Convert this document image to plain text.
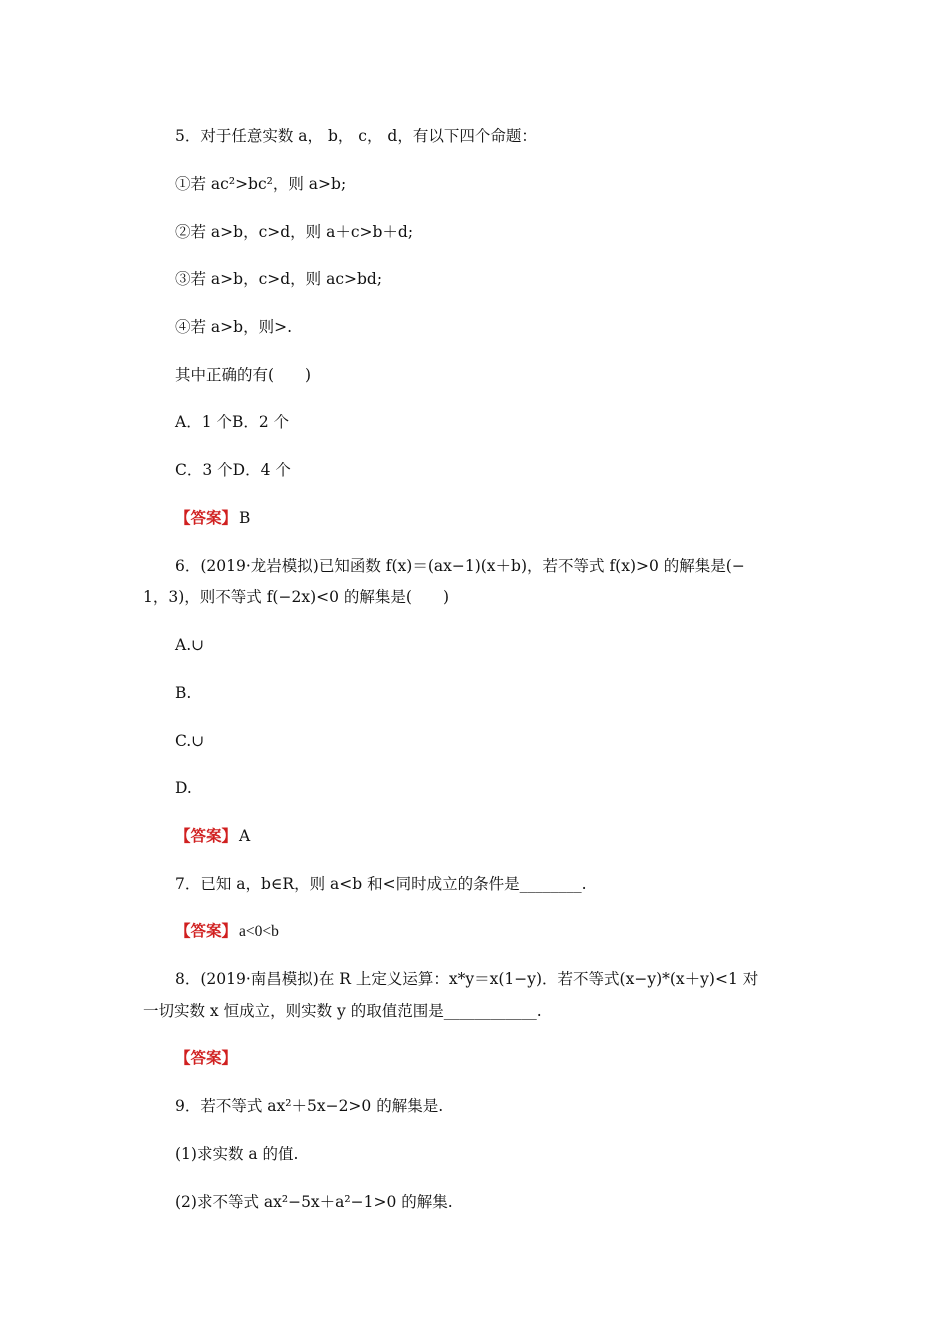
5．对于任意实数 a， b， c， d，有以下四个命题：
①若 ac²>bc²，则 a>b;
②若 a>b，c>d，则 a＋c>b＋d;
③若 a>b，c>d，则 ac>bd;
④若 a>b，则>.
其中正确的有(　　)
A．1 个B．2 个
C．3 个D．4 个
【答案】 B
6．(2019·龙岩模拟)已知函数 f(x)＝(ax−1)(x＋b)，若不等式 f(x)>0 的解集是(−
1，3)，则不等式 f(−2x)<0 的解集是(　　)
A.∪
B.
C.∪
D.
【答案】 A
7．已知 a，b∈R，则 a<b 和<同时成立的条件是________.
【答案】 a<0<b
8．(2019·南昌模拟)在 R 上定义运算：x*y＝x(1−y)．若不等式(x−y)*(x＋y)<1 对
一切实数 x 恒成立，则实数 y 的取值范围是____________.
【答案】
9．若不等式 ax²＋5x−2>0 的解集是.
(1)求实数 a 的值.
(2)求不等式 ax²−5x＋a²−1>0 的解集.
